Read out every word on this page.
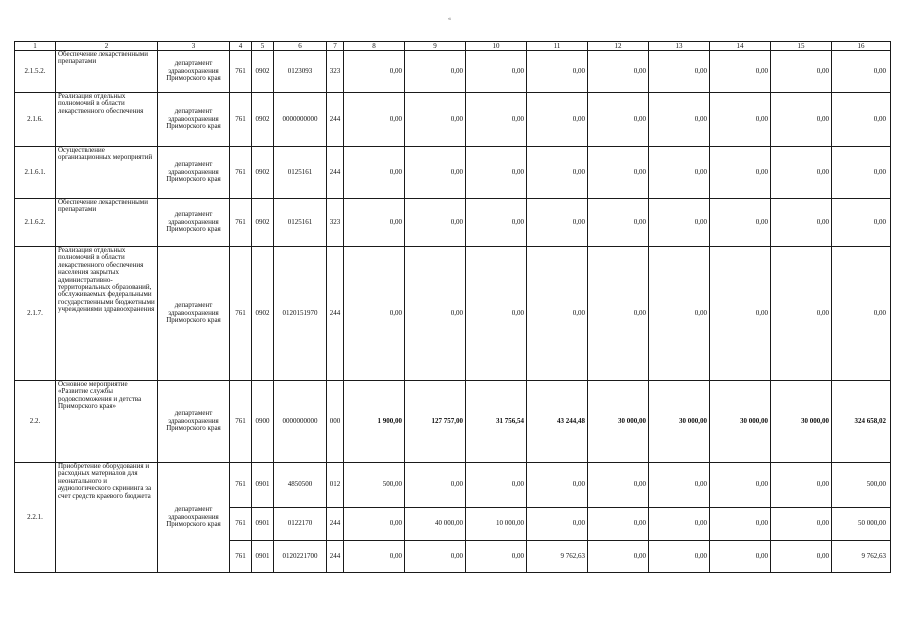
«
1	2	3	4	5	6	7	8	9	10	11	12	13	14	15	16
2.1.5.2.	Обеспечение лекарственными препаратами	департамент здравоохранения Приморского края	761	0902	0123093	323	0,00	0,00	0,00	0,00	0,00	0,00	0,00	0,00	0,00
2.1.6.	Реализация отдельных полномочий в области лекарственного обеспечения	департамент здравоохранения Приморского края	761	0902	0000000000	244	0,00	0,00	0,00	0,00	0,00	0,00	0,00	0,00	0,00
2.1.6.1.	Осуществление организационных мероприятий	департамент здравоохранения Приморского края	761	0902	0125161	244	0,00	0,00	0,00	0,00	0,00	0,00	0,00	0,00	0,00
2.1.6.2.	Обеспечение лекарственными препаратами	департамент здравоохранения Приморского края	761	0902	0125161	323	0,00	0,00	0,00	0,00	0,00	0,00	0,00	0,00	0,00
2.1.7.	Реализация отдельных полномочий в области лекарственного обеспечения населения закрытых административно-территориальных образований, обслуживаемых федеральными государственными бюджетными учреждениями здравоохранения	департамент здравоохранения Приморского края	761	0902	0120151970	244	0,00	0,00	0,00	0,00	0,00	0,00	0,00	0,00	0,00
2.2.	Основное мероприятие «Развитие службы родовспоможения и детства Приморского края»	департамент здравоохранения Приморского края	761	0900	0000000000	000	1 900,00	127 757,00	31 756,54	43 244,48	30 000,00	30 000,00	30 000,00	30 000,00	324 658,02
2.2.1.	Приобретение оборудования и расходных материалов для неонатального и аудиологического скрининга за счет средств краевого бюджета	департамент здравоохранения Приморского края	761	0901	4850500	012	500,00	0,00	0,00	0,00	0,00	0,00	0,00	0,00	500,00
			761	0901	0122170	244	0,00	40 000,00	10 000,00	0,00	0,00	0,00	0,00	0,00	50 000,00
			761	0901	0120221700	244	0,00	0,00	0,00	9 762,63	0,00	0,00	0,00	0,00	9 762,63
